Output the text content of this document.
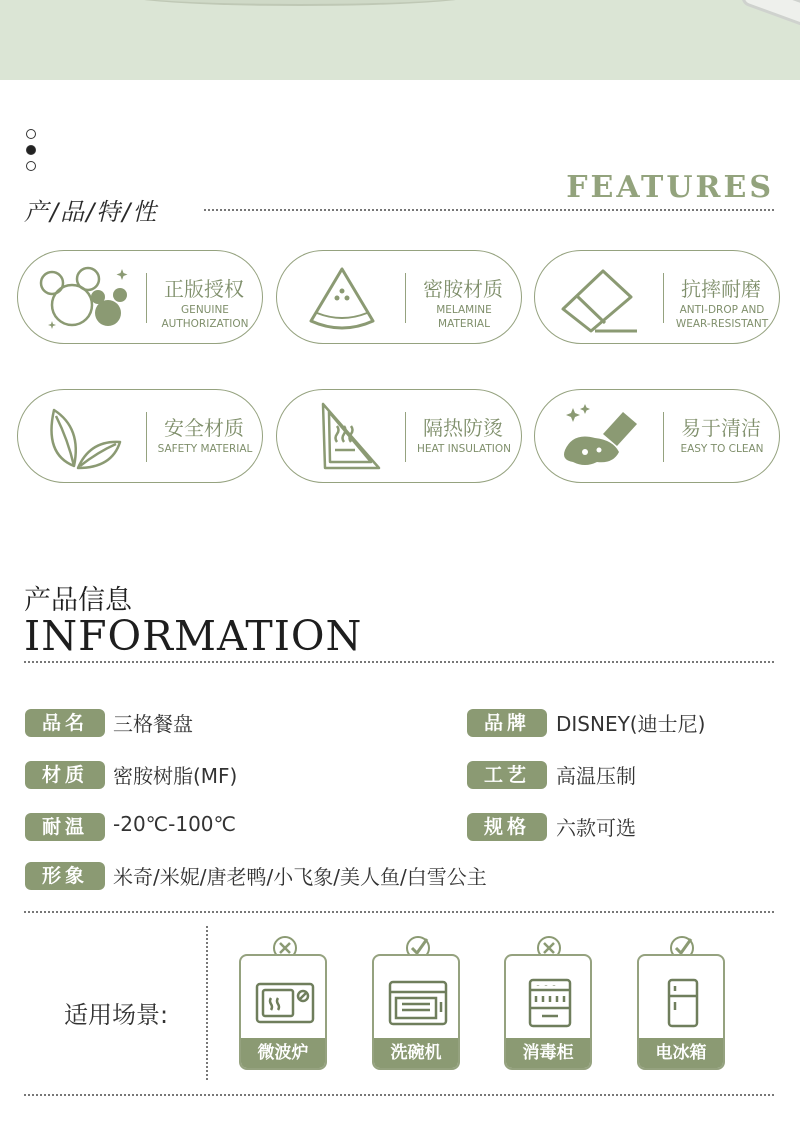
产/品/特/性
FEATURES
正版授权
GENUINE AUTHORIZATION
密胺材质
MELAMINE MATERIAL
抗摔耐磨
ANTI-DROP AND WEAR-RESISTANT
安全材质
SAFETY MATERIAL
隔热防烫
HEAT INSULATION
易于清洁
EASY TO CLEAN
产品信息
INFORMATION
品名	三格餐盘	品牌	DISNEY(迪士尼)
材质	密胺树脂(MF)	工艺	高温压制
耐温	-20℃-100℃	规格	六款可选
形象	米奇/米妮/唐老鸭/小飞象/美人鱼/白雪公主
适用场景:
微波炉	洗碗机	消毒柜	电冰箱
